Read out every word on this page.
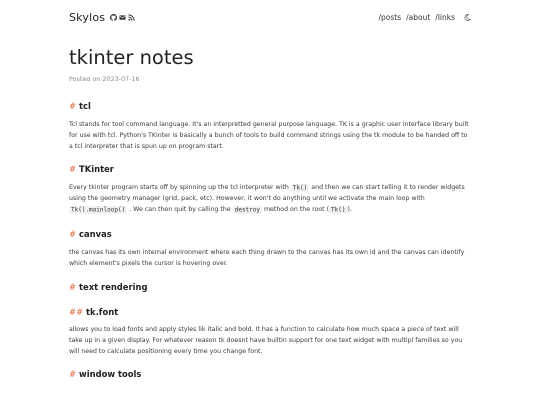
Skylos	/posts /about /links
tkinter notes
Posted on 2023-07-16
# tcl

Tcl stands for tool command language. It's an interpretted general purpose language. TK is a graphic user interface library built for use with tcl. Python's TKinter is basically a bunch of tools to build command strings using the tk module to be handed off to a tcl interpreter that is spun up on program start.

# TKinter

Every tkinter program starts off by spinning up the tcl interpreter with Tk() and then we can start telling it to render widgets using the geometry manager (grid, pack, etc). However, it won't do anything until we activate the main loop with Tk().mainloop() . We can then quit by calling the destroy method on the root ( Tk() ).

# canvas

the canvas has its own internal environment where each thing drawn to the canvas has its own id and the canvas can identify which element's pixels the cursor is hovering over.

# text rendering
## tk.font

allows you to load fonts and apply styles lik italic and bold. It has a function to calculate how much space a piece of text will take up in a given display. For whatever reason tk doesnt have builtin support for one text widget with multipl families so you will need to calculate positioning every time you change font.

# window tools
